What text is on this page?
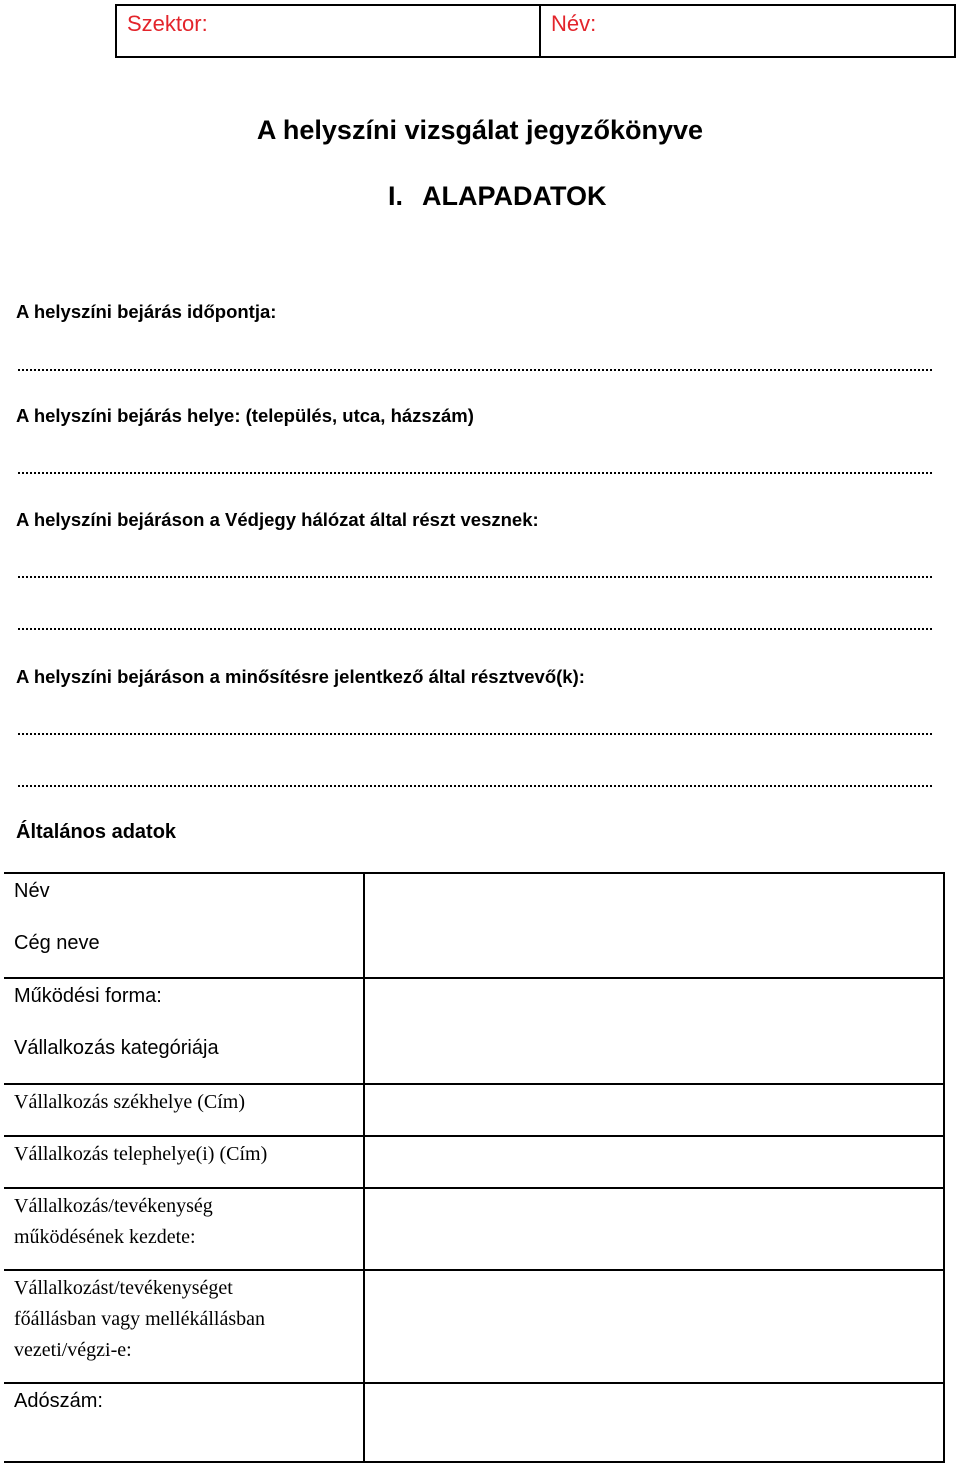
Szektor:	Név:
A helyszíni vizsgálat jegyzőkönyve
I. ALAPADATOK
A helyszíni bejárás időpontja:
A helyszíni bejárás helye: (település, utca, házszám)
A helyszíni bejáráson a Védjegy hálózat által részt vesznek:
A helyszíni bejáráson a minősítésre jelentkező által résztvevő(k):
Általános adatok
Név
Cég neve	

Működési forma:
Vállalkozás kategóriája	

Vállalkozás székhelye (Cím)	

Vállalkozás telephelye(i) (Cím)	

Vállalkozás/tevékenység
működésének kezdete:	

Vállalkozást/tevékenységet
főállásban vagy mellékállásban
vezeti/végzi-e:	

Adószám:	
